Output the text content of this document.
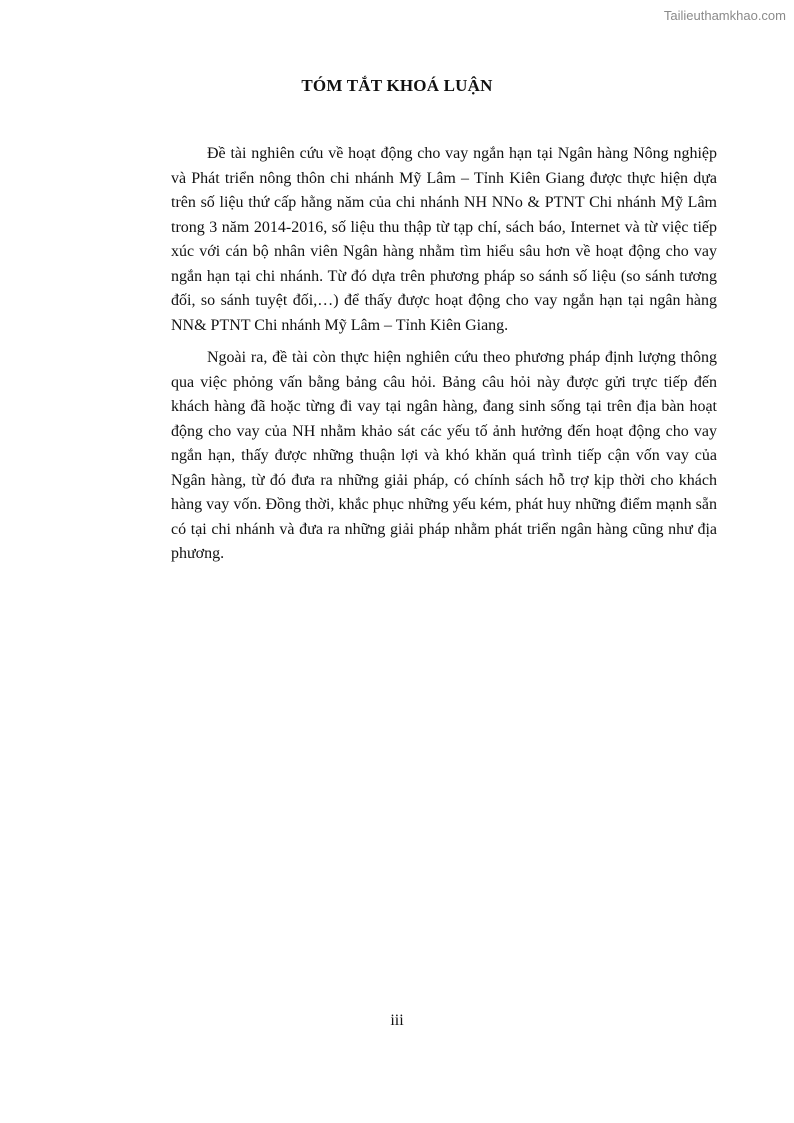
Tailieuthamkhao.com
TÓM TẮT KHOÁ LUẬN

Đề tài nghiên cứu về hoạt động cho vay ngắn hạn tại Ngân hàng Nông nghiệp và Phát triển nông thôn chi nhánh Mỹ Lâm – Tỉnh Kiên Giang được thực hiện dựa trên số liệu thứ cấp hằng năm của chi nhánh NH NNo & PTNT Chi nhánh Mỹ Lâm trong 3 năm 2014-2016, số liệu thu thập từ tạp chí, sách báo, Internet và từ việc tiếp xúc với cán bộ nhân viên Ngân hàng nhằm tìm hiểu sâu hơn về hoạt động cho vay ngắn hạn tại chi nhánh. Từ đó dựa trên phương pháp so sánh số liệu (so sánh tương đối, so sánh tuyệt đối,…) để thấy được hoạt động cho vay ngắn hạn tại ngân hàng NN& PTNT Chi nhánh Mỹ Lâm – Tỉnh Kiên Giang.

Ngoài ra, đề tài còn thực hiện nghiên cứu theo phương pháp định lượng thông qua việc phỏng vấn bằng bảng câu hỏi. Bảng câu hỏi này được gửi trực tiếp đến khách hàng đã hoặc từng đi vay tại ngân hàng, đang sinh sống tại trên địa bàn hoạt động cho vay của NH nhằm khảo sát các yếu tố ảnh hưởng đến hoạt động cho vay ngắn hạn, thấy được những thuận lợi và khó khăn quá trình tiếp cận vốn vay của Ngân hàng, từ đó đưa ra những giải pháp, có chính sách hỗ trợ kịp thời cho khách hàng vay vốn. Đồng thời, khắc phục những yếu kém, phát huy những điểm mạnh sẵn có tại chi nhánh và đưa ra những giải pháp nhằm phát triển ngân hàng cũng như địa phương.

iii
